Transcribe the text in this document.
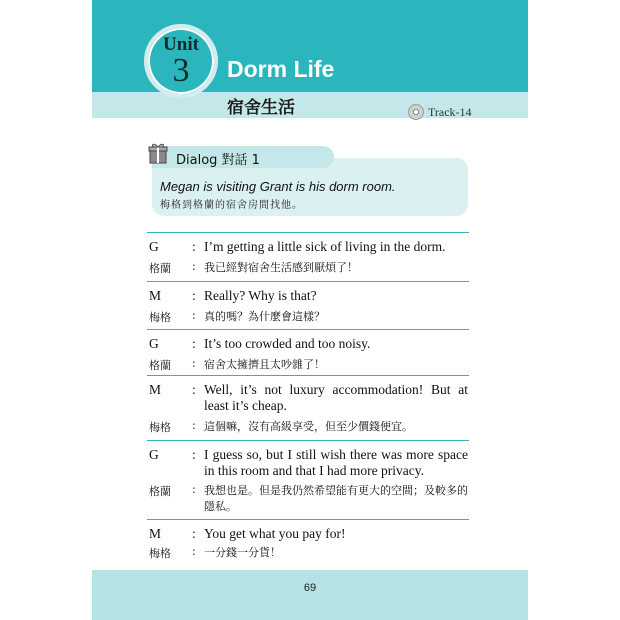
Unit
3	Dorm Life
宿舍生活	Track-14
Dialog 對話 1
Megan is visiting Grant is his dorm room.
梅格到格蘭的宿舍房間找他。
G : I’m getting a little sick of living in the dorm.
格蘭 : 我已經對宿舍生活感到厭煩了！
M : Really? Why is that?
梅格 : 真的嗎？為什麼會這樣？
G : It’s too crowded and too noisy.
格蘭 : 宿舍太擁擠且太吵雜了！
M : Well, it’s not luxury accommodation! But at least it’s cheap.
梅格 : 這個嘛，沒有高級享受，但至少價錢便宜。
G : I guess so, but I still wish there was more space in this room and that I had more privacy.
格蘭 : 我想也是。但是我仍然希望能有更大的空間；及較多的隱私。
M : You get what you pay for!
梅格 : 一分錢一分貨！
69
